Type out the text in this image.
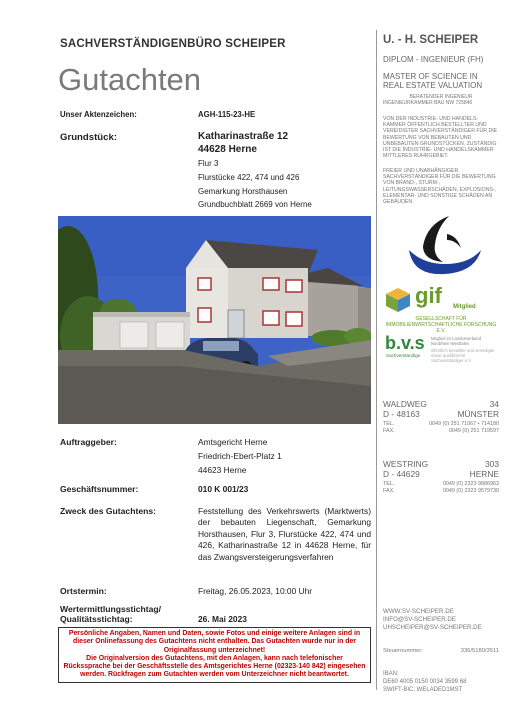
SACHVERSTÄNDIGENBÜRO SCHEIPER
Gutachten
Unser Aktenzeichen:	AGH-115-23-HE
Grundstück:	Katharinastraße 12
44628 Herne
Flur 3
Flurstücke 422, 474 und 426
Gemarkung Horsthausen
Grundbuchblatt 2669 von Herne
Auftraggeber:	Amtsgericht Herne
Friedrich-Ebert-Platz 1
44623 Herne
Geschäftsnummer:	010 K 001/23
Zweck des Gutachtens:	Feststellung des Verkehrswerts (Marktwerts) der bebauten Liegenschaft, Gemarkung Horsthausen, Flur 3, Flurstücke 422, 474 und 426, Katharinastraße 12 in 44628 Herne, für das Zwangsversteigerungsverfahren
Ortstermin:	Freitag, 26.05.2023, 10:00 Uhr
Wertermittlungsstichtag/
Qualitätsstichtag:	26. Mai 2023
Persönliche Angaben, Namen und Daten, sowie Fotos und einige weitere Anlagen sind in dieser Onlinefassung des Gutachtens nicht enthalten. Das Gutachten wurde nur in der Originalfassung unterzeichnet!
Die Originalversion des Gutachtens, mit den Anlagen, kann nach telefonischer Rückssprache bei der Geschäftsstelle des Amtsgerichtes Herne (02323-140 842) eingesehen werden. Rückfragen zum Gutachten werden vom Unterzeichner nicht beantwortet.
U. - H. SCHEIPER
DIPLOM - INGENIEUR (FH)
MASTER OF SCIENCE IN
REAL ESTATE VALUATION
BERATENDER INGENIEUR
INGENIEURKAMMER BAU NW 725846
VON DER INDUSTRIE- UND HANDELS-KAMMER ÖFFENTLICH BESTELLTER UND VEREIDIGTER SACHVERSTÄNDIGER FÜR DIE BEWERTUNG VON BEBAUTEN UND UNBEBAUTEN GRUNDSTÜCKEN. ZUSTÄNDIG IST DIE INDUSTRIE- UND HANDELSKAMMER MITTLERES RUHRGEBIET.
FREIER UND UNABHÄNGIGER SACHVERSTÄNDIGER FÜR DIE BEWERTUNG VON BRAND-, STURM-, LEITUNGSWASSERSCHÄDEN, EXPLOSIONS-, ELEMENTAR- UND SONSTIGE SCHÄDEN AN GEBÄUDEN
gif	Mitglied
GESELLSCHAFT FÜR IMMOBILIENWIRTSCHAFTLICHE FORSCHUNG E.V.
b.v.s
Sachverständige
Mitglied im Landesverband Nordrhein-Westfalen
öffentlich bestellter und vereidigter sowie qualifizierter Sachverständiger e.V.
WALDWEG	34
D - 48163	MÜNSTER
TEL.	0049 (0) 251 71067 • 714180
FAX.	0049 (0) 251 719597
WESTRING	303
D - 44629	HERNE
TEL.	0049 (0) 2323 9886963
FAX.	0049 (0) 2323 9579730
WWW.SV-SCHEIPER.DE
INFO@SV-SCHEIPER.DE
UHSCHEIPER@SV-SCHEIPER.DE
Steuernummer:	336/5180/3511
IBAN:
DE60 4005 0150 0034 3599 68
SWIFT-BIC: WELADED1MST
